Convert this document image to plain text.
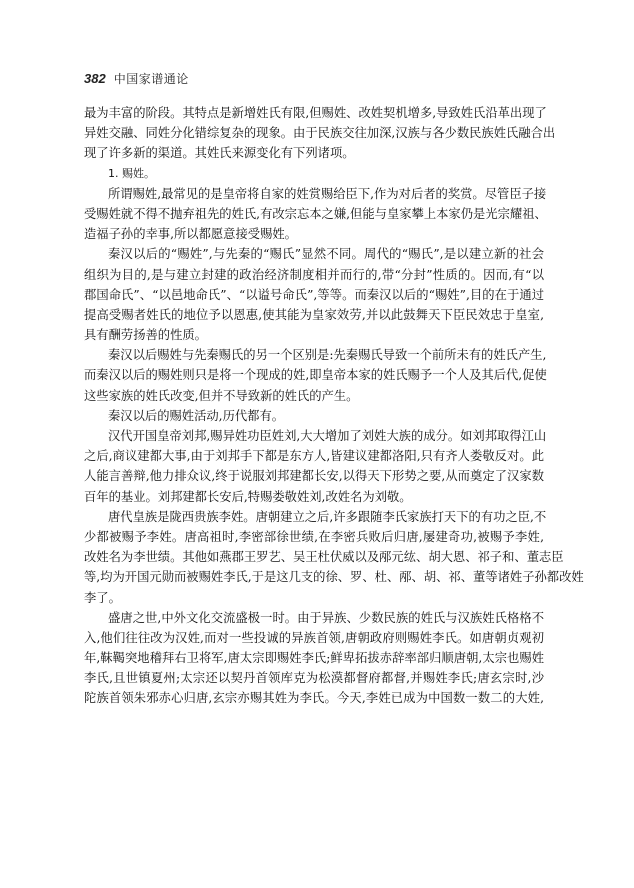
382 中国家谱通论
最为丰富的阶段。其特点是新增姓氏有限,但赐姓、改姓契机增多,导致姓氏沿革出现了
异姓交融、同姓分化错综复杂的现象。由于民族交往加深,汉族与各少数民族姓氏融合出
现了许多新的渠道。其姓氏来源变化有下列诸项。
1. 赐姓。
所谓赐姓,最常见的是皇帝将自家的姓赏赐给臣下,作为对后者的奖赏。尽管臣子接
受赐姓就不得不抛弃祖先的姓氏,有改宗忘本之嫌,但能与皇家攀上本家仍是光宗耀祖、
造福子孙的幸事,所以都愿意接受赐姓。
秦汉以后的“赐姓”,与先秦的“赐氏”显然不同。周代的“赐氏”,是以建立新的社会
组织为目的,是与建立封建的政治经济制度相并而行的,带“分封”性质的。因而,有“以
郡国命氏”、“以邑地命氏”、“以谥号命氏”,等等。而秦汉以后的“赐姓”,目的在于通过
提高受赐者姓氏的地位予以恩惠,使其能为皇家效劳,并以此鼓舞天下臣民效忠于皇室,
具有酬劳扬善的性质。
秦汉以后赐姓与先秦赐氏的另一个区别是:先秦赐氏导致一个前所未有的姓氏产生,
而秦汉以后的赐姓则只是将一个现成的姓,即皇帝本家的姓氏赐予一个人及其后代,促使
这些家族的姓氏改变,但并不导致新的姓氏的产生。
秦汉以后的赐姓活动,历代都有。
汉代开国皇帝刘邦,赐异姓功臣姓刘,大大增加了刘姓大族的成分。如刘邦取得江山
之后,商议建都大事,由于刘邦手下都是东方人,皆建议建都洛阳,只有齐人娄敬反对。此
人能言善辩,他力排众议,终于说服刘邦建都长安,以得天下形势之要,从而奠定了汉家数
百年的基业。刘邦建都长安后,特赐娄敬姓刘,改姓名为刘敬。
唐代皇族是陇西贵族李姓。唐朝建立之后,许多跟随李氏家族打天下的有功之臣,不
少都被赐予李姓。唐高祖时,李密部徐世绩,在李密兵败后归唐,屡建奇功,被赐予李姓,
改姓名为李世绩。其他如燕郡王罗艺、吴王杜伏威以及邴元纮、胡大恩、祁子和、董志臣
等,均为开国元勋而被赐姓李氏,于是这几支的徐、罗、杜、邴、胡、祁、董等诸姓子孙都改姓
李了。
盛唐之世,中外文化交流盛极一时。由于异族、少数民族的姓氏与汉族姓氏格格不
入,他们往往改为汉姓,而对一些投诚的异族首领,唐朝政府则赐姓李氏。如唐朝贞观初
年,靺鞨突地稽拜右卫将军,唐太宗即赐姓李氏;鲜卑拓拔赤辞率部归顺唐朝,太宗也赐姓
李氏,且世镇夏州;太宗还以契丹首领库克为松漠都督府都督,并赐姓李氏;唐玄宗时,沙
陀族首领朱邪赤心归唐,玄宗亦赐其姓为李氏。今天,李姓已成为中国数一数二的大姓,
